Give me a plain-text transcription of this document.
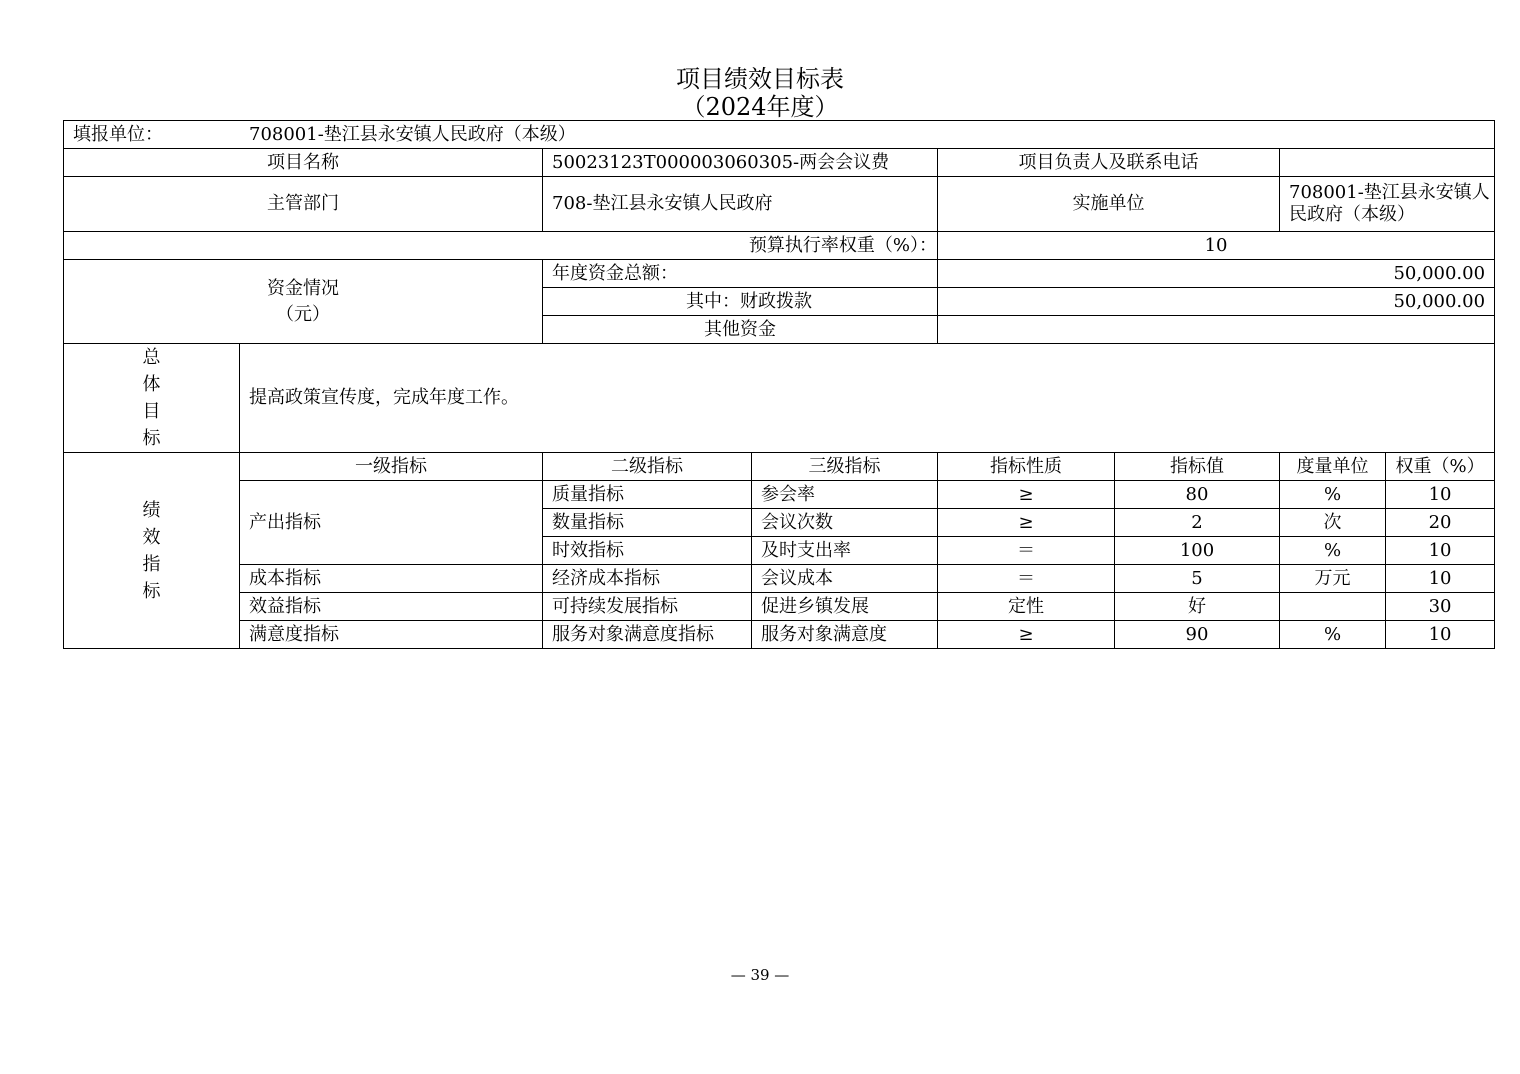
项目绩效目标表
（2024年度）
填报单位： 708001-垫江县永安镇人民政府（本级）							
项目名称		50023123T000003060305-两会会议费		项目负责人及联系电话			
主管部门		708-垫江县永安镇人民政府		实施单位		708001-垫江县永安镇人民政府（本级）	
预算执行率权重（%）：				10			

资金情况
（元）		年度资金总额：		50,000.00			
		其中：财政拨款		50,000.00			
		其他资金					

总
体
目
标	提高政策宣传度，完成年度工作。						

绩
效
指
标	一级指标	二级指标	三级指标	指标性质	指标值	度量单位	权重（%）
	产出指标	质量指标	参会率	≥	80	%	10
		数量指标	会议次数	≥	2	次	20
		时效指标	及时支出率	＝	100	%	10
	成本指标	经济成本指标	会议成本	＝	5	万元	10
	效益指标	可持续发展指标	促进乡镇发展	定性	好		30
	满意度指标	服务对象满意度指标	服务对象满意度	≥	90	%	10
— 39 —
